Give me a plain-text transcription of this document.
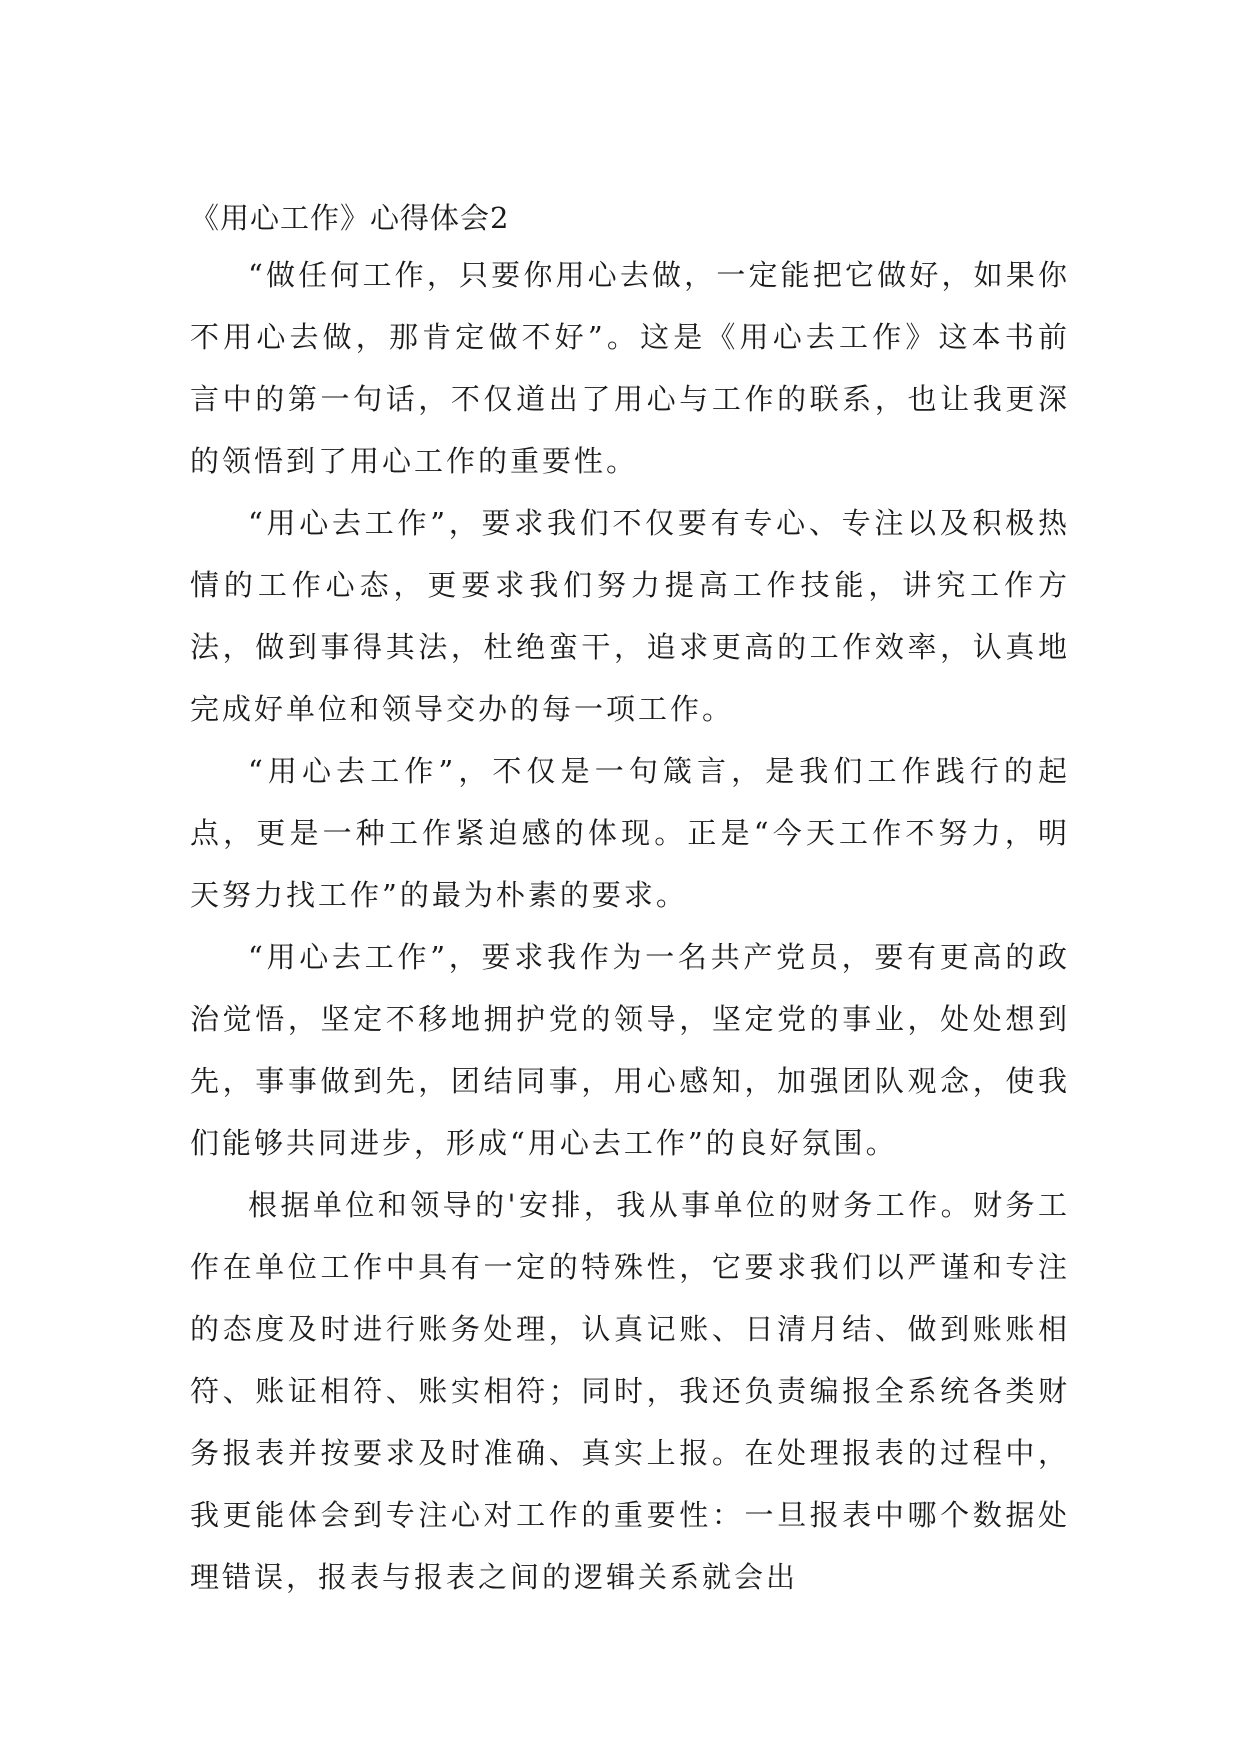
《用心工作》心得体会2

“做任何工作，只要你用心去做，一定能把它做好，如果你不用心去做，那肯定做不好”。这是《用心去工作》这本书前言中的第一句话，不仅道出了用心与工作的联系，也让我更深的领悟到了用心工作的重要性。

“用心去工作”，要求我们不仅要有专心、专注以及积极热情的工作心态，更要求我们努力提高工作技能，讲究工作方法，做到事得其法，杜绝蛮干，追求更高的工作效率，认真地完成好单位和领导交办的每一项工作。

“用心去工作”，不仅是一句箴言，是我们工作践行的起点，更是一种工作紧迫感的体现。正是“今天工作不努力，明天努力找工作”的最为朴素的要求。

“用心去工作”，要求我作为一名共产党员，要有更高的政治觉悟，坚定不移地拥护党的领导，坚定党的事业，处处想到先，事事做到先，团结同事，用心感知，加强团队观念，使我们能够共同进步，形成“用心去工作”的良好氛围。

根据单位和领导的'安排，我从事单位的财务工作。财务工作在单位工作中具有一定的特殊性，它要求我们以严谨和专注的态度及时进行账务处理，认真记账、日清月结、做到账账相符、账证相符、账实相符；同时，我还负责编报全系统各类财务报表并按要求及时准确、真实上报。在处理报表的过程中，我更能体会到专注心对工作的重要性：一旦报表中哪个数据处理错误，报表与报表之间的逻辑关系就会出
